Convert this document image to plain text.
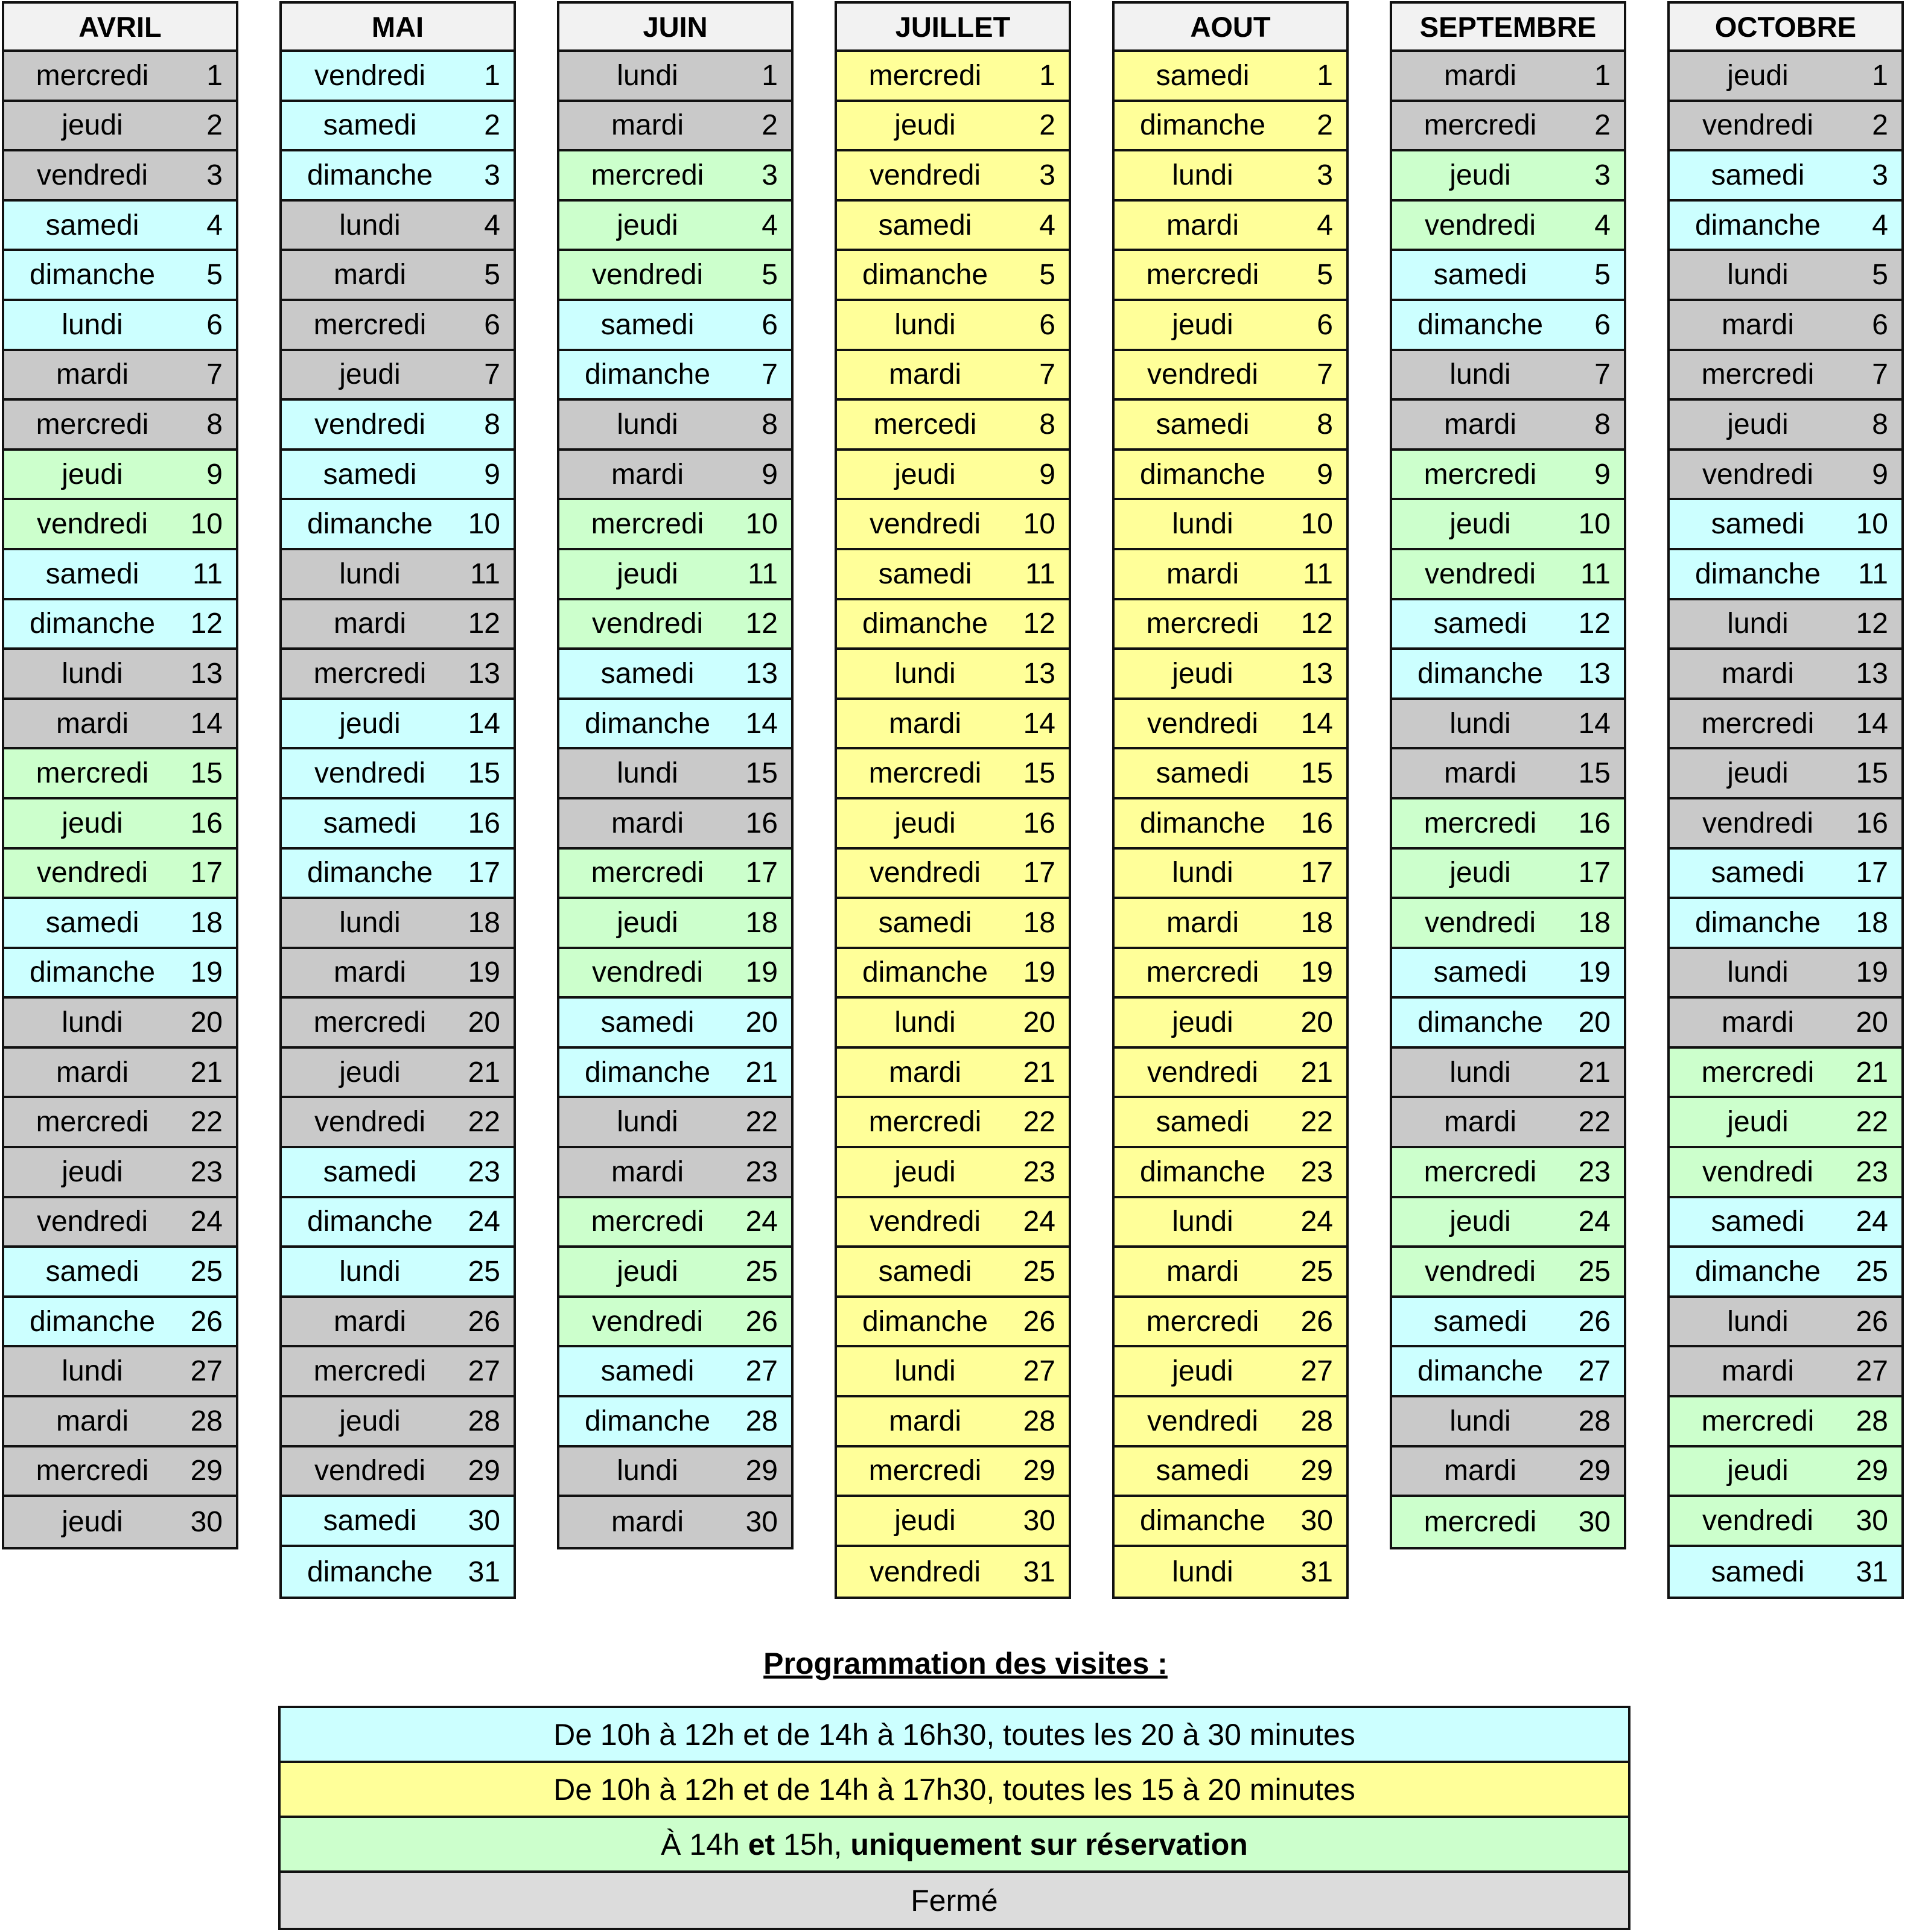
AVRIL
mercredi	1
jeudi	2
vendredi	3
samedi	4
dimanche	5
lundi	6
mardi	7
mercredi	8
jeudi	9
vendredi	10
samedi	11
dimanche	12
lundi	13
mardi	14
mercredi	15
jeudi	16
vendredi	17
samedi	18
dimanche	19
lundi	20
mardi	21
mercredi	22
jeudi	23
vendredi	24
samedi	25
dimanche	26
lundi	27
mardi	28
mercredi	29
jeudi	30
MAI
vendredi	1
samedi	2
dimanche	3
lundi	4
mardi	5
mercredi	6
jeudi	7
vendredi	8
samedi	9
dimanche	10
lundi	11
mardi	12
mercredi	13
jeudi	14
vendredi	15
samedi	16
dimanche	17
lundi	18
mardi	19
mercredi	20
jeudi	21
vendredi	22
samedi	23
dimanche	24
lundi	25
mardi	26
mercredi	27
jeudi	28
vendredi	29
samedi	30
dimanche	31
JUIN
lundi	1
mardi	2
mercredi	3
jeudi	4
vendredi	5
samedi	6
dimanche	7
lundi	8
mardi	9
mercredi	10
jeudi	11
vendredi	12
samedi	13
dimanche	14
lundi	15
mardi	16
mercredi	17
jeudi	18
vendredi	19
samedi	20
dimanche	21
lundi	22
mardi	23
mercredi	24
jeudi	25
vendredi	26
samedi	27
dimanche	28
lundi	29
mardi	30
JUILLET
mercredi	1
jeudi	2
vendredi	3
samedi	4
dimanche	5
lundi	6
mardi	7
mercedi	8
jeudi	9
vendredi	10
samedi	11
dimanche	12
lundi	13
mardi	14
mercredi	15
jeudi	16
vendredi	17
samedi	18
dimanche	19
lundi	20
mardi	21
mercredi	22
jeudi	23
vendredi	24
samedi	25
dimanche	26
lundi	27
mardi	28
mercredi	29
jeudi	30
vendredi	31
AOUT
samedi	1
dimanche	2
lundi	3
mardi	4
mercredi	5
jeudi	6
vendredi	7
samedi	8
dimanche	9
lundi	10
mardi	11
mercredi	12
jeudi	13
vendredi	14
samedi	15
dimanche	16
lundi	17
mardi	18
mercredi	19
jeudi	20
vendredi	21
samedi	22
dimanche	23
lundi	24
mardi	25
mercredi	26
jeudi	27
vendredi	28
samedi	29
dimanche	30
lundi	31
SEPTEMBRE
mardi	1
mercredi	2
jeudi	3
vendredi	4
samedi	5
dimanche	6
lundi	7
mardi	8
mercredi	9
jeudi	10
vendredi	11
samedi	12
dimanche	13
lundi	14
mardi	15
mercredi	16
jeudi	17
vendredi	18
samedi	19
dimanche	20
lundi	21
mardi	22
mercredi	23
jeudi	24
vendredi	25
samedi	26
dimanche	27
lundi	28
mardi	29
mercredi	30
OCTOBRE
jeudi	1
vendredi	2
samedi	3
dimanche	4
lundi	5
mardi	6
mercredi	7
jeudi	8
vendredi	9
samedi	10
dimanche	11
lundi	12
mardi	13
mercredi	14
jeudi	15
vendredi	16
samedi	17
dimanche	18
lundi	19
mardi	20
mercredi	21
jeudi	22
vendredi	23
samedi	24
dimanche	25
lundi	26
mardi	27
mercredi	28
jeudi	29
vendredi	30
samedi	31
Programmation des visites :
De 10h à 12h et de 14h à 16h30, toutes les 20 à 30 minutes
De 10h à 12h et de 14h à 17h30, toutes les 15 à 20 minutes
À 14h et 15h, uniquement sur réservation
Fermé
